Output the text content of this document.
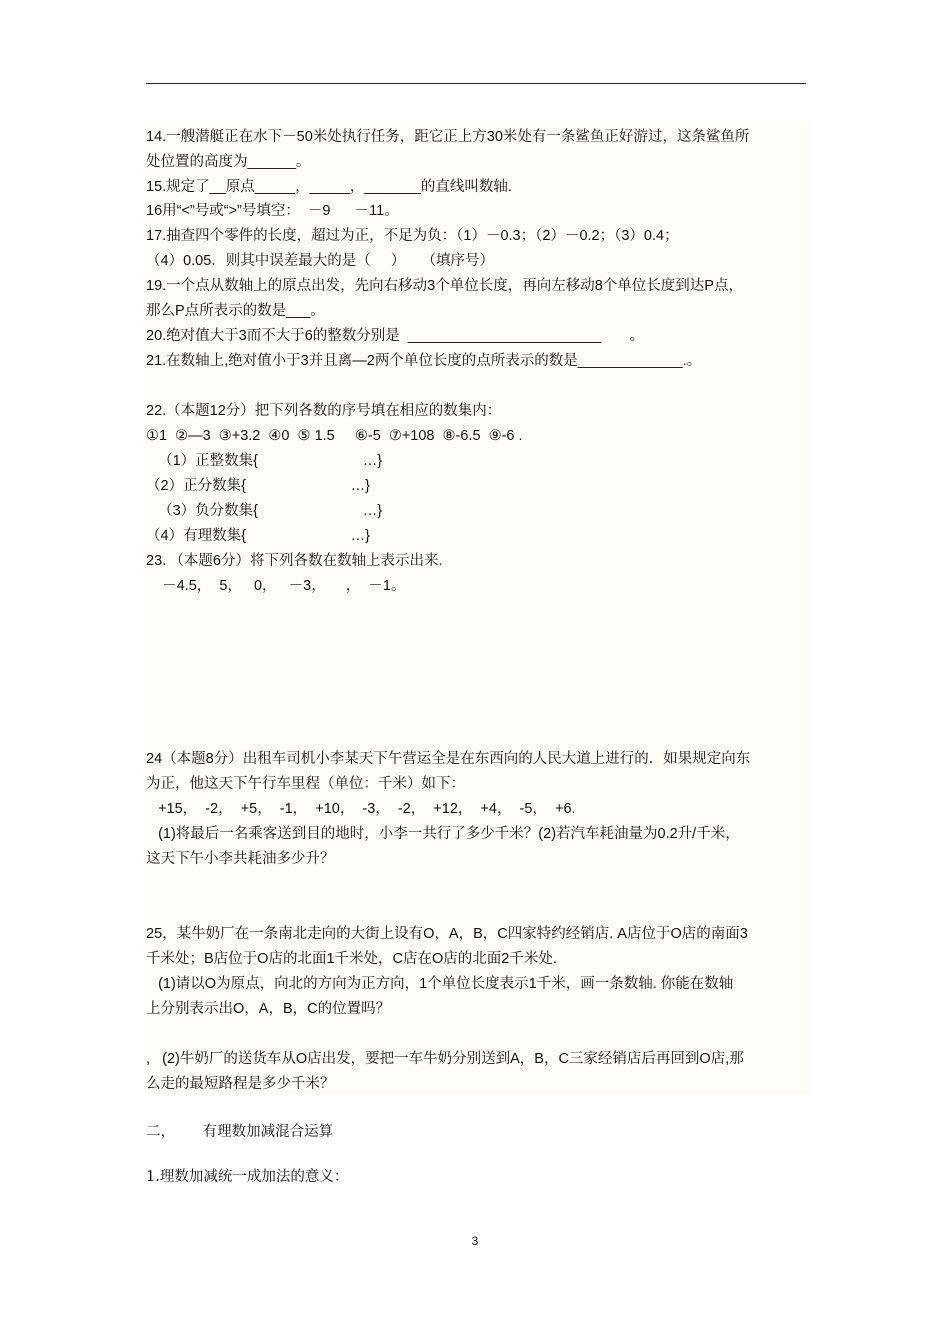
14.一艘潜艇正在水下－50米处执行任务，距它正上方30米处有一条鲨鱼正好游过，这条鲨鱼所
处位置的高度为______。
15.规定了__原点_____，_____，_______的直线叫数轴.
16用“<”号或“>”号填空：  －9      －11。
17.抽查四个零件的长度，超过为正，不足为负：（1）－0.3；（2）－0.2；（3）0.4；
（4）0.05．则其中误差最大的是（     ）    （填序号）
19.一个点从数轴上的原点出发，先向右移动3个单位长度，再向左移动8个单位长度到达P点，
那么P点所表示的数是___。
20.绝对值大于3而不大于6的整数分别是  ________________________       。
21.在数轴上,绝对值小于3并且离—2两个单位长度的点所表示的数是_____________.。
22.（本题12分）把下列各数的序号填在相应的数集内：
①1  ②—3  ③+3.2  ④0  ⑤ 1.5     ⑥-5  ⑦+108  ⑧-6.5  ⑨-6 .
（1）正整数集{                          …}
（2）正分数集{                          …}
（3）负分数集{                          …}
（4）有理数集{                          …}
23．（本题6分）将下列各数在数轴上表示出来.
－4.5，  5，   0，   －3，     ，  －1。
24（本题8分）出租车司机小李某天下午营运全是在东西向的人民大道上进行的．如果规定向东
为正，他这天下午行车里程（单位：千米）如下：
+15，  -2，  +5，  -1，  +10，  -3，  -2，  +12，  +4，  -5，  +6.
(1)将最后一名乘客送到目的地时，小李一共行了多少千米？(2)若汽车耗油量为0.2升/千米，
这天下午小李共耗油多少升？
25，某牛奶厂在一条南北走向的大街上设有O，A，B，C四家特约经销店. A店位于O店的南面3
千米处；B店位于O店的北面1千米处，C店在O店的北面2千米处.
(1)请以O为原点，向北的方向为正方向，1个单位长度表示1千米，画一条数轴. 你能在数轴
上分别表示出O，A，B，C的位置吗？
,   (2)牛奶厂的送货车从O店出发，要把一车牛奶分别送到A，B，C三家经销店后再回到O店,那
么走的最短路程是多少千米？
二，      有理数加减混合运算
1.理数加减统一成加法的意义：
3
